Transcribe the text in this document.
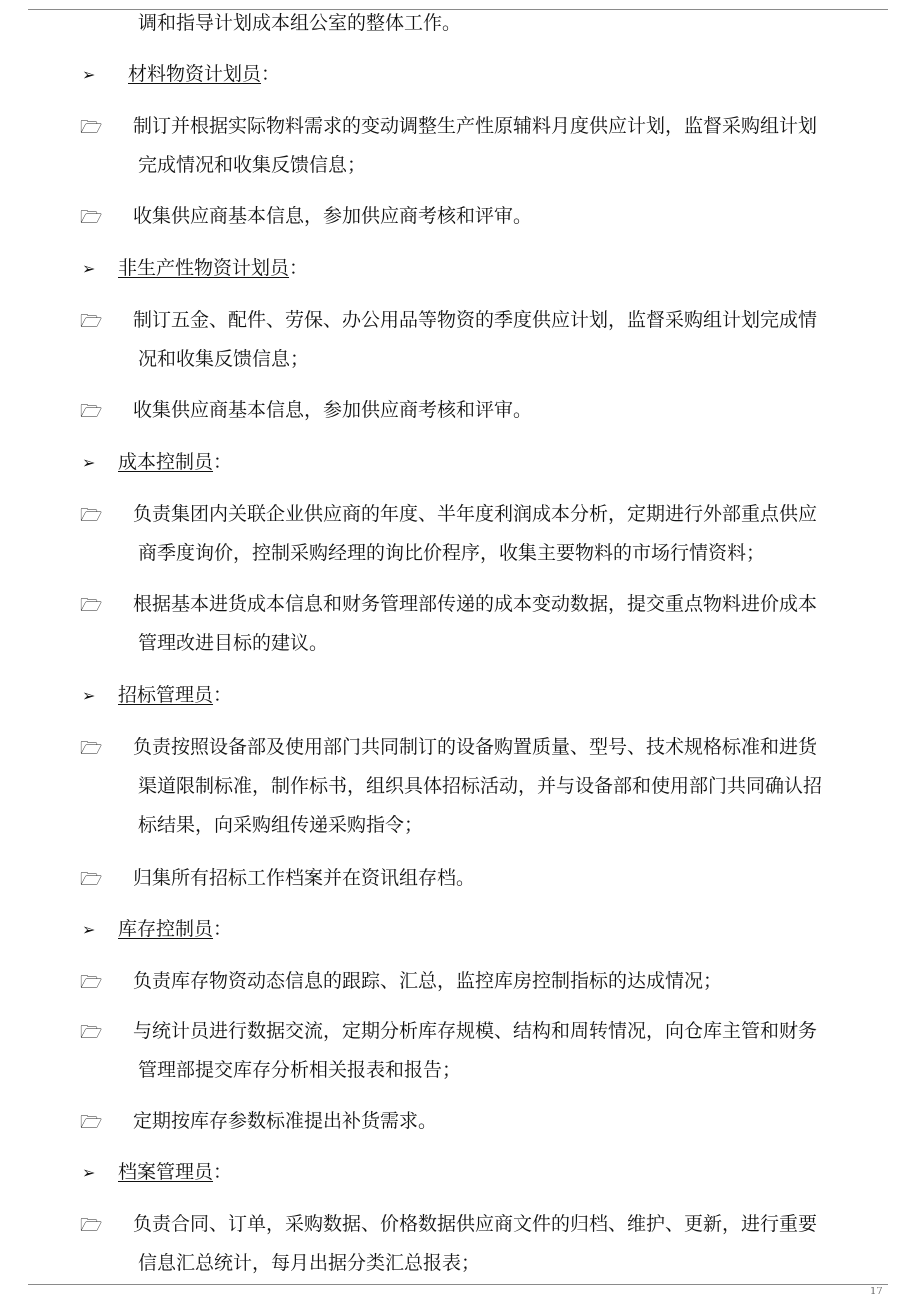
调和指导计划成本组公室的整体工作。
➢ 材料物资计划员 ：
🗁 制订并根据实际物料需求的变动调整生产性原辅料月度供应计划，监督采购组计划
完成情况和收集反馈信息；
🗁 收集供应商基本信息，参加供应商考核和评审。
➢ 非生产性物资计划员 ：
🗁 制订五金、配件、劳保、办公用品等物资的季度供应计划，监督采购组计划完成情
况和收集反馈信息；
🗁 收集供应商基本信息，参加供应商考核和评审。
➢ 成本控制员 ：
🗁 负责集团内关联企业供应商的年度、半年度利润成本分析，定期进行外部重点供应
商季度询价，控制采购经理的询比价程序，收集主要物料的市场行情资料；
🗁 根据基本进货成本信息和财务管理部传递的成本变动数据，提交重点物料进价成本
管理改进目标的建议。
➢ 招标管理员 ：
🗁 负责按照设备部及使用部门共同制订的设备购置质量、型号、技术规格标准和进货
渠道限制标准，制作标书，组织具体招标活动，并与设备部和使用部门共同确认招
标结果，向采购组传递采购指令；
🗁 归集所有招标工作档案并在资讯组存档。
➢ 库存控制员 ：
🗁 负责库存物资动态信息的跟踪、汇总，监控库房控制指标的达成情况；
🗁 与统计员进行数据交流，定期分析库存规模、结构和周转情况，向仓库主管和财务
管理部提交库存分析相关报表和报告；
🗁 定期按库存参数标准提出补货需求。
➢ 档案管理员 ：
🗁 负责合同、订单，采购数据、价格数据供应商文件的归档、维护、更新，进行重要
信息汇总统计，每月出据分类汇总报表；
17
